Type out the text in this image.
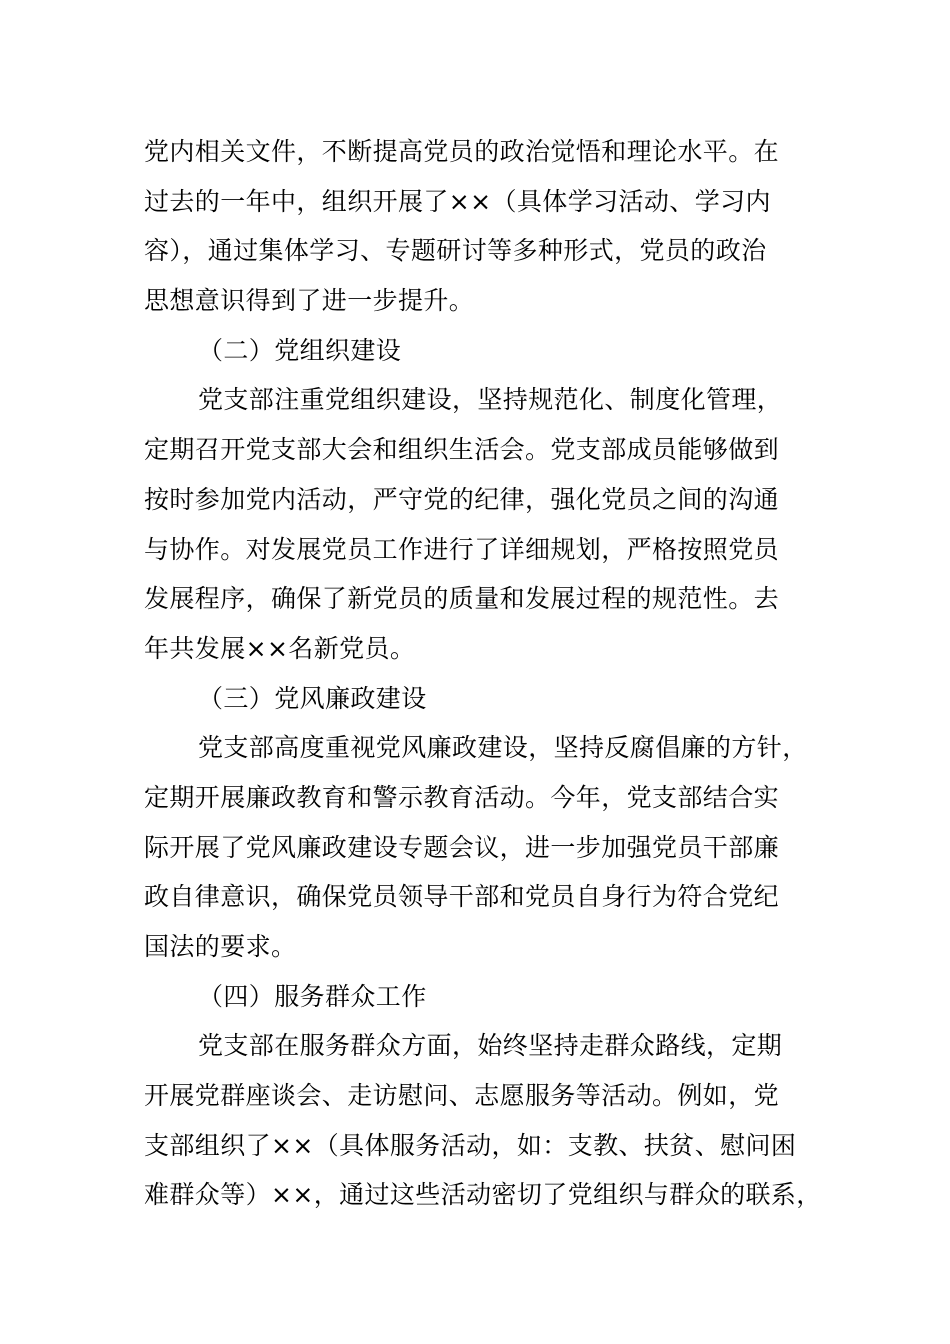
党内相关文件，不断提高党员的政治觉悟和理论水平。在
过去的一年中，组织开展了××（具体学习活动、学习内
容），通过集体学习、专题研讨等多种形式，党员的政治
思想意识得到了进一步提升。
（二）党组织建设
党支部注重党组织建设，坚持规范化、制度化管理，
定期召开党支部大会和组织生活会。党支部成员能够做到
按时参加党内活动，严守党的纪律，强化党员之间的沟通
与协作。对发展党员工作进行了详细规划，严格按照党员
发展程序，确保了新党员的质量和发展过程的规范性。去
年共发展××名新党员。
（三）党风廉政建设
党支部高度重视党风廉政建设，坚持反腐倡廉的方针，
定期开展廉政教育和警示教育活动。今年，党支部结合实
际开展了党风廉政建设专题会议，进一步加强党员干部廉
政自律意识，确保党员领导干部和党员自身行为符合党纪
国法的要求。
（四）服务群众工作
党支部在服务群众方面，始终坚持走群众路线，定期
开展党群座谈会、走访慰问、志愿服务等活动。例如，党
支部组织了××（具体服务活动，如：支教、扶贫、慰问困
难群众等）××，通过这些活动密切了党组织与群众的联系，
